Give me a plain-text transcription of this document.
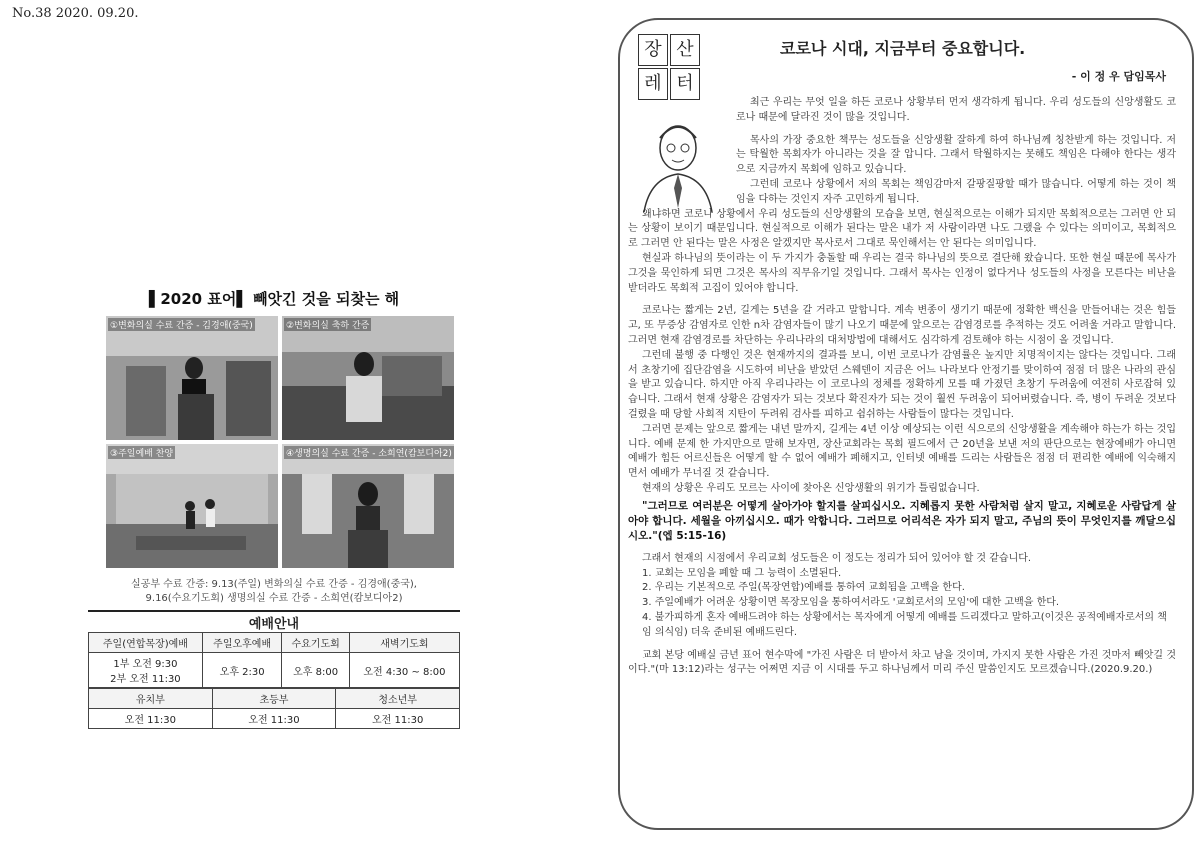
No.38 2020. 09.20.
▌2020 표어▌ 빼앗긴 것을 되찾는 해
①변화의실 수료 간증 - 김경애(중국)	②변화의실 축하 간증
③주일예배 찬양	④생명의실 수료 간증 - 소희연(캄보디아2)
실공부 수료 간증: 9.13(주일) 변화의실 수료 간증 - 김경애(중국),
9.16(수요기도회) 생명의실 수료 간증 - 소희연(캄보디아2)
예배안내
주일(연합목장)예배	주일오후예배	수요기도회	새벽기도회

1부 오전 9:30
2부 오전 11:30	오후 2:30	오후 8:00	오전 4:30 ~ 8:00
유치부	초등부	청소년부
오전 11:30	오전 11:30	오전 11:30
장 산
레 터
코로나 시대, 지금부터 중요합니다.
- 이 정 우 담임목사

최근 우리는 무엇 일을 하든 코로나 상황부터 먼저 생각하게 됩니다. 우리 성도들의 신앙생활도 코로나 때문에 달라진 것이 많을 것입니다.

목사의 가장 중요한 책무는 성도들을 신앙생활 잘하게 하여 하나님께 칭찬받게 하는 것입니다. 저는 탁월한 목회자가 아니라는 것을 잘 압니다. 그래서 탁월하지는 못해도 책임은 다해야 한다는 생각으로 지금까지 목회에 임하고 있습니다.

그런데 코로나 상황에서 저의 목회는 책임감마저 갈팡질팡할 때가 많습니다. 어떻게 하는 것이 책임을 다하는 것인지 자주 고민하게 됩니다.

왜냐하면 코로나 상황에서 우리 성도들의 신앙생활의 모습을 보면, 현실적으로는 이해가 되지만 목회적으로는 그러면 안 되는 상황이 보이기 때문입니다. 현실적으로 이해가 된다는 말은 내가 저 사람이라면 나도 그랬을 수 있다는 의미이고, 목회적으로 그러면 안 된다는 말은 사정은 알겠지만 목사로서 그대로 묵인해서는 안 된다는 의미입니다.

현실과 하나님의 뜻이라는 이 두 가지가 충돌할 때 우리는 결국 하나님의 뜻으로 결단해 왔습니다. 또한 현실 때문에 목사가 그것을 묵인하게 되면 그것은 목사의 직무유기일 것입니다. 그래서 목사는 인정이 없다거나 성도들의 사정을 모른다는 비난을 받더라도 목회적 고집이 있어야 합니다.

코로나는 짧게는 2년, 길게는 5년을 갈 거라고 말합니다. 계속 변종이 생기기 때문에 정확한 백신을 만들어내는 것은 힘들고, 또 무증상 감염자로 인한 n차 감염자들이 많기 나오기 때문에 앞으로는 감염경로를 추적하는 것도 어려울 거라고 말합니다. 그러면 현재 감염경로를 차단하는 우리나라의 대처방법에 대해서도 심각하게 검토해야 하는 시점이 올 것입니다.

그런데 불행 중 다행인 것은 현재까지의 결과를 보니, 이번 코로나가 감염률은 높지만 치명적이지는 않다는 것입니다. 그래서 초창기에 집단감염을 시도하여 비난을 받았던 스웨덴이 지금은 어느 나라보다 안정기를 맞이하여 점점 더 많은 나라의 관심을 받고 있습니다. 하지만 아직 우리나라는 이 코로나의 정체를 정확하게 모를 때 가졌던 초창기 두려움에 여전히 사로잡혀 있습니다. 그래서 현재 상황은 감염자가 되는 것보다 확진자가 되는 것이 훨씬 두려움이 되어버렸습니다. 즉, 병이 두려운 것보다 걸렸을 때 당할 사회적 지탄이 두려워 검사를 피하고 쉼쉬하는 사람들이 많다는 것입니다.

그러면 문제는 앞으로 짧게는 내년 말까지, 길게는 4년 이상 예상되는 이런 식으로의 신앙생활을 계속해야 하는가 하는 것입니다. 예배 문제 한 가지만으로 말해 보자면, 장산교회라는 목회 필드에서 근 20년을 보낸 저의 판단으로는 현장예배가 아니면 예배가 힘든 어르신들은 어떻게 할 수 없어 예배가 폐해지고, 인터넷 예배를 드리는 사람들은 점점 더 편리한 예배에 익숙해지면서 예배가 무너질 것 같습니다.

현재의 상황은 우리도 모르는 사이에 찾아온 신앙생활의 위기가 틀림없습니다.

"그러므로 여러분은 어떻게 살아가야 할지를 살피십시오. 지혜롭지 못한 사람처럼 살지 말고, 지혜로운 사람답게 살아야 합니다. 세월을 아끼십시오. 때가 악합니다. 그러므로 어리석은 자가 되지 말고, 주님의 뜻이 무엇인지를 깨달으십시오."(엡 5:15-16)

그래서 현재의 시점에서 우리교회 성도들은 이 정도는 정리가 되어 있어야 할 것 같습니다.

1. 교회는 모임을 폐할 때 그 능력이 소멸된다.
2. 우리는 기본적으로 주일(목장연합)예배를 통하여 교회됨을 고백을 한다.
3. 주일예배가 어려운 상황이면 목장모임을 통하여서라도 '교회로서의 모임'에 대한 고백을 한다.
4. 불가피하게 혼자 예배드려야 하는 상황에서는 목자에게 어떻게 예배를 드리겠다고 말하고(이것은 공적예배자로서의 책임 의식임) 더욱 준비된 예배드린다.

교회 본당 예배실 금년 표어 현수막에 "가진 사람은 더 받아서 차고 남을 것이며, 가지지 못한 사람은 가진 것마저 빼앗길 것이다."(마 13:12)라는 성구는 어쩌면 지금 이 시대를 두고 하나님께서 미리 주신 말씀인지도 모르겠습니다.(2020.9.20.)
